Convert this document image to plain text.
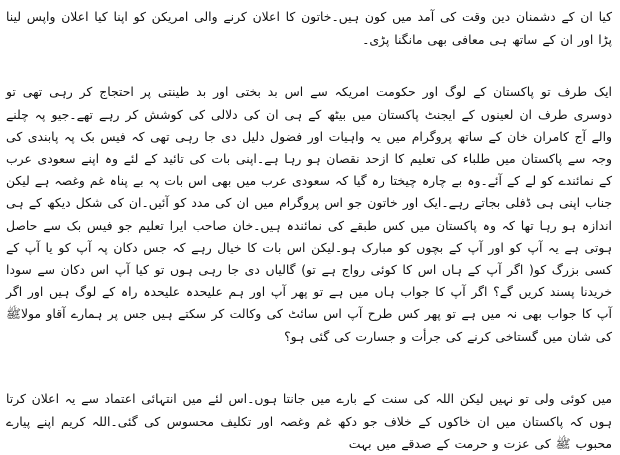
کیا ان کے دشمنان دین وقت کی آمد میں کون ہیں۔خاتون کا اعلان کرنے والی امریکن کو اپنا کیا اعلان واپس لینا پڑا اور ان کے ساتھ ہی معافی بھی مانگنا پڑی۔

ایک طرف تو پاکستان کے لوگ اور حکومت امریکہ سے اس بد بختی اور بد طینتی پر احتجاج کر رہی تھی تو دوسری طرف ان لعینوں کے ایجنٹ پاکستان میں بیٹھ کے ہی ان کی دلالی کی کوشش کر رہے تھے۔جیو پہ چلنے والے آج کامران خان کے ساتھ پروگرام میں یہ واہیات اور فضول دلیل دی جا رہی تھی کہ فیس بک پہ پابندی کی وجہ سے پاکستان میں طلباء کی تعلیم کا ازحد نقصان ہو رہا ہے۔اپنی بات کی تائید کے لئے وہ اپنے سعودی عرب کے نمائندے کو لے کے آئے۔وہ بے چارہ چیختا رہ گیا کہ سعودی عرب میں بھی اس بات پہ بے پناہ غم وغصہ ہے لیکن جناب اپنی ہی ڈفلی بجاتے رہے۔ایک اور خاتون جو اس پروگرام میں ان کی مدد کو آئیں۔ان کی شکل دیکھ کے ہی اندازہ ہو رہا تھا کہ وہ پاکستان میں کس طبقے کی نمائندہ ہیں۔خان صاحب ایرا تعلیم جو فیس بک سے حاصل ہوتی ہے یہ آپ کو اور آپ کے بچوں کو مبارک ہو۔لیکن اس بات کا خیال رہے کہ جس دکان پہ آپ کو یا آپ کے کسی بزرگ کو( اگر آپ کے ہاں اس کا کوئی رواج ہے تو) گالیاں دی جا رہی ہوں تو کیا آپ اس دکان سے سودا خریدنا پسند کریں گے؟ اگر آپ کا جواب ہاں میں ہے تو پھر آپ اور ہم علیحدہ علیحدہ راہ کے لوگ ہیں اور اگر آپ کا جواب بھی نہ میں ہے تو پھر کس طرح آپ اس سائٹ کی وکالت کر سکتے ہیں جس پر ہمارے آقاو مولاﷺ کی شان میں گستاخی کرنے کی جرأت و جسارت کی گئی ہو؟

میں کوئی ولی تو نہیں لیکن اللہ کی سنت کے بارے میں جانتا ہوں۔اس لئے میں انتہائی اعتماد سے یہ اعلان کرتا ہوں کہ پاکستان میں ان خاکوں کے خلاف جو دکھ غم وغصہ اور تکلیف محسوس کی گئی۔اللہ کریم اپنے پیارے محبوب ﷺ کی عزت و حرمت کے صدقے میں بہت
